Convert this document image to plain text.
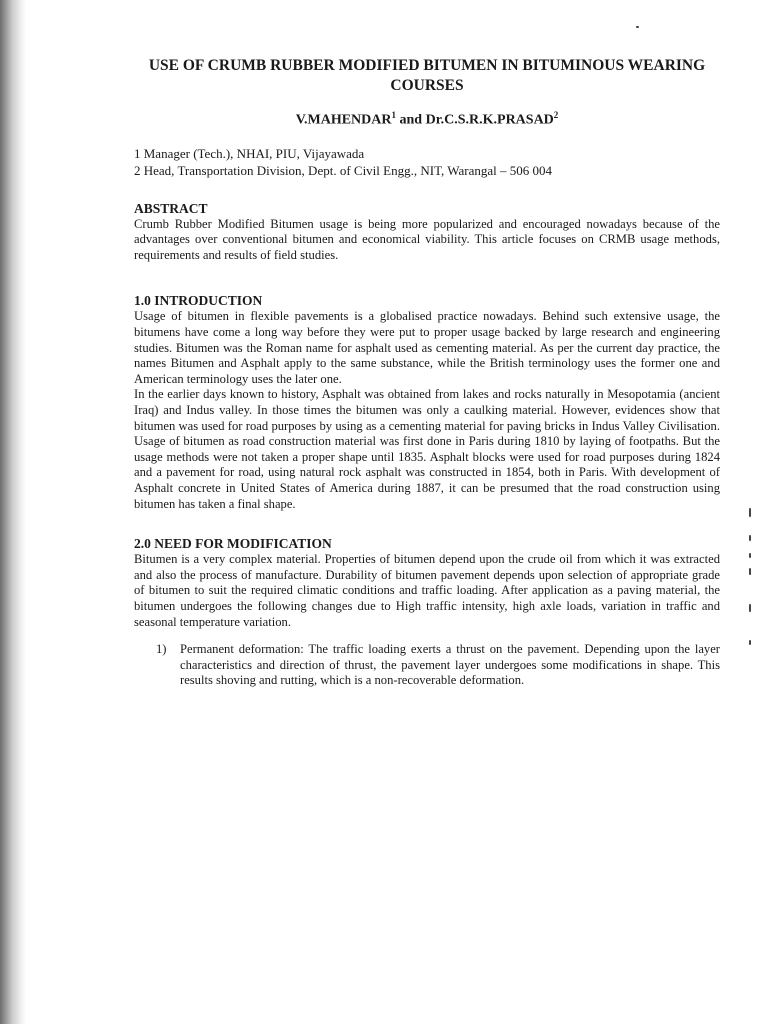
USE OF CRUMB RUBBER MODIFIED BITUMEN IN BITUMINOUS WEARING COURSES
V.MAHENDAR$^1$ and Dr.C.S.R.K.PRASAD$^2$
1 Manager (Tech.), NHAI, PIU, Vijayawada
2 Head, Transportation Division, Dept. of Civil Engg., NIT, Warangal – 506 004
ABSTRACT

Crumb Rubber Modified Bitumen usage is being more popularized and encouraged nowadays because of the advantages over conventional bitumen and economical viability. This article focuses on CRMB usage methods, requirements and results of field studies.

1.0 INTRODUCTION

Usage of bitumen in flexible pavements is a globalised practice nowadays. Behind such extensive usage, the bitumens have come a long way before they were put to proper usage backed by large research and engineering studies. Bitumen was the Roman name for asphalt used as cementing material. As per the current day practice, the names Bitumen and Asphalt apply to the same substance, while the British terminology uses the former one and American terminology uses the later one.

In the earlier days known to history, Asphalt was obtained from lakes and rocks naturally in Mesopotamia (ancient Iraq) and Indus valley. In those times the bitumen was only a caulking material. However, evidences show that bitumen was used for road purposes by using as a cementing material for paving bricks in Indus Valley Civilisation. Usage of bitumen as road construction material was first done in Paris during 1810 by laying of footpaths. But the usage methods were not taken a proper shape until 1835. Asphalt blocks were used for road purposes during 1824 and a pavement for road, using natural rock asphalt was constructed in 1854, both in Paris. With development of Asphalt concrete in United States of America during 1887, it can be presumed that the road construction using bitumen has taken a final shape.

2.0 NEED FOR MODIFICATION

Bitumen is a very complex material. Properties of bitumen depend upon the crude oil from which it was extracted and also the process of manufacture. Durability of bitumen pavement depends upon selection of appropriate grade of bitumen to suit the required climatic conditions and traffic loading. After application as a paving material, the bitumen undergoes the following changes due to High traffic intensity, high axle loads, variation in traffic and seasonal temperature variation.

1)	Permanent deformation: The traffic loading exerts a thrust on the pavement. Depending upon the layer characteristics and direction of thrust, the pavement layer undergoes some modifications in shape. This results shoving and rutting, which is a non-recoverable deformation.
